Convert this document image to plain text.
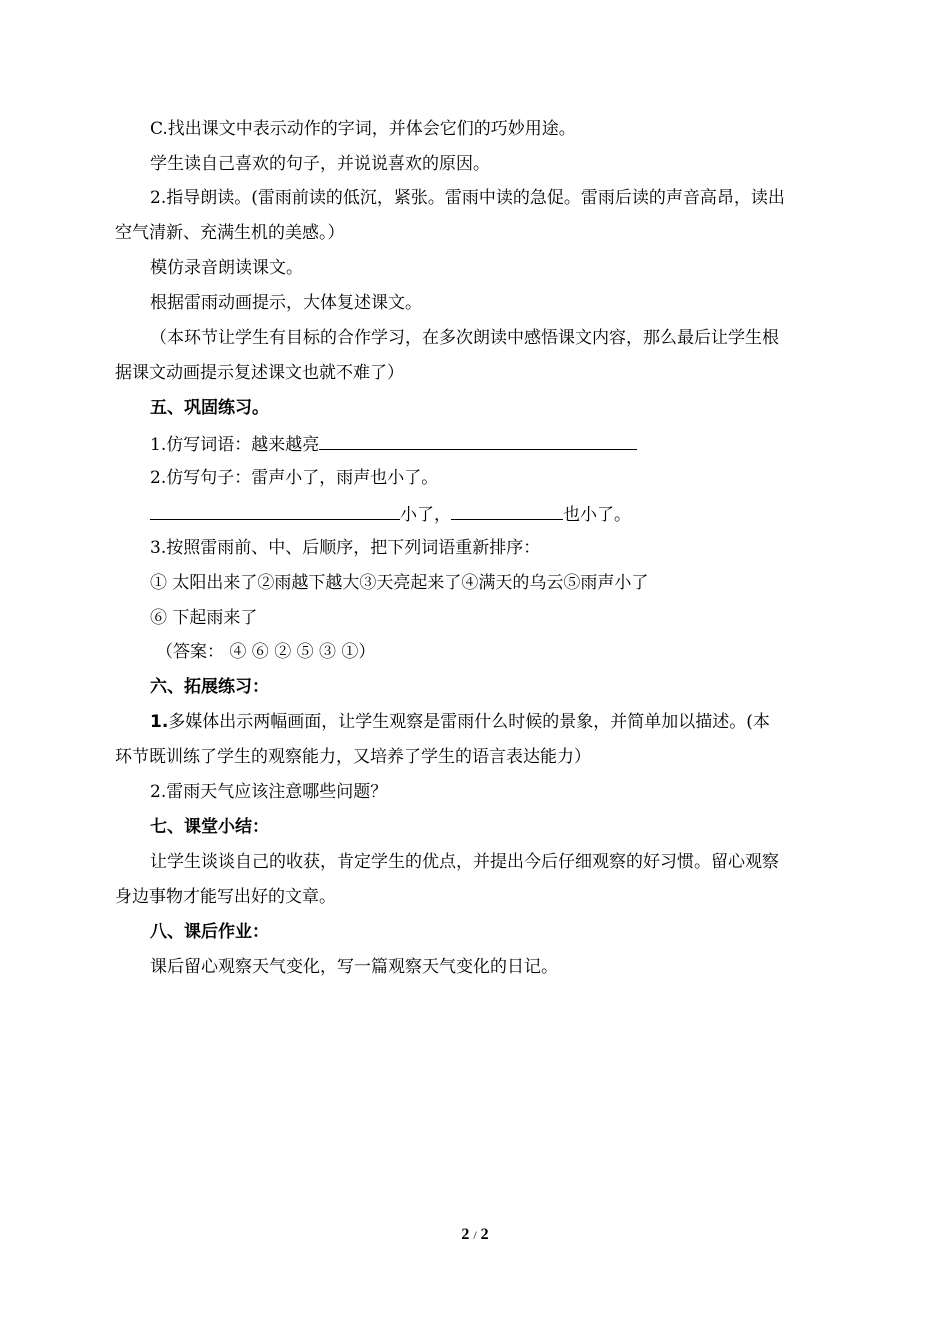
C.找出课文中表示动作的字词，并体会它们的巧妙用途。
学生读自己喜欢的句子，并说说喜欢的原因。
2.指导朗读。(雷雨前读的低沉，紧张。雷雨中读的急促。雷雨后读的声音高昂，读出
空气清新、充满生机的美感。）
模仿录音朗读课文。
根据雷雨动画提示，大体复述课文。
（本环节让学生有目标的合作学习，在多次朗读中感悟课文内容，那么最后让学生根
据课文动画提示复述课文也就不难了）
五、巩固练习。
1.仿写词语：越来越亮
2.仿写句子：雷声小了，雨声也小了。
小了，	也小了。
3.按照雷雨前、中、后顺序，把下列词语重新排序：
① 太阳出来了②雨越下越大③天亮起来了④满天的乌云⑤雨声小了
⑥ 下起雨来了
（答案： ④ ⑥ ② ⑤ ③ ①）
六、拓展练习：
1.多媒体出示两幅画面，让学生观察是雷雨什么时候的景象，并简单加以描述。(本
环节既训练了学生的观察能力，又培养了学生的语言表达能力）
2.雷雨天气应该注意哪些问题？
七、课堂小结：
让学生谈谈自己的收获，肯定学生的优点，并提出今后仔细观察的好习惯。留心观察
身边事物才能写出好的文章。
八、课后作业：
课后留心观察天气变化，写一篇观察天气变化的日记。
2 / 2
